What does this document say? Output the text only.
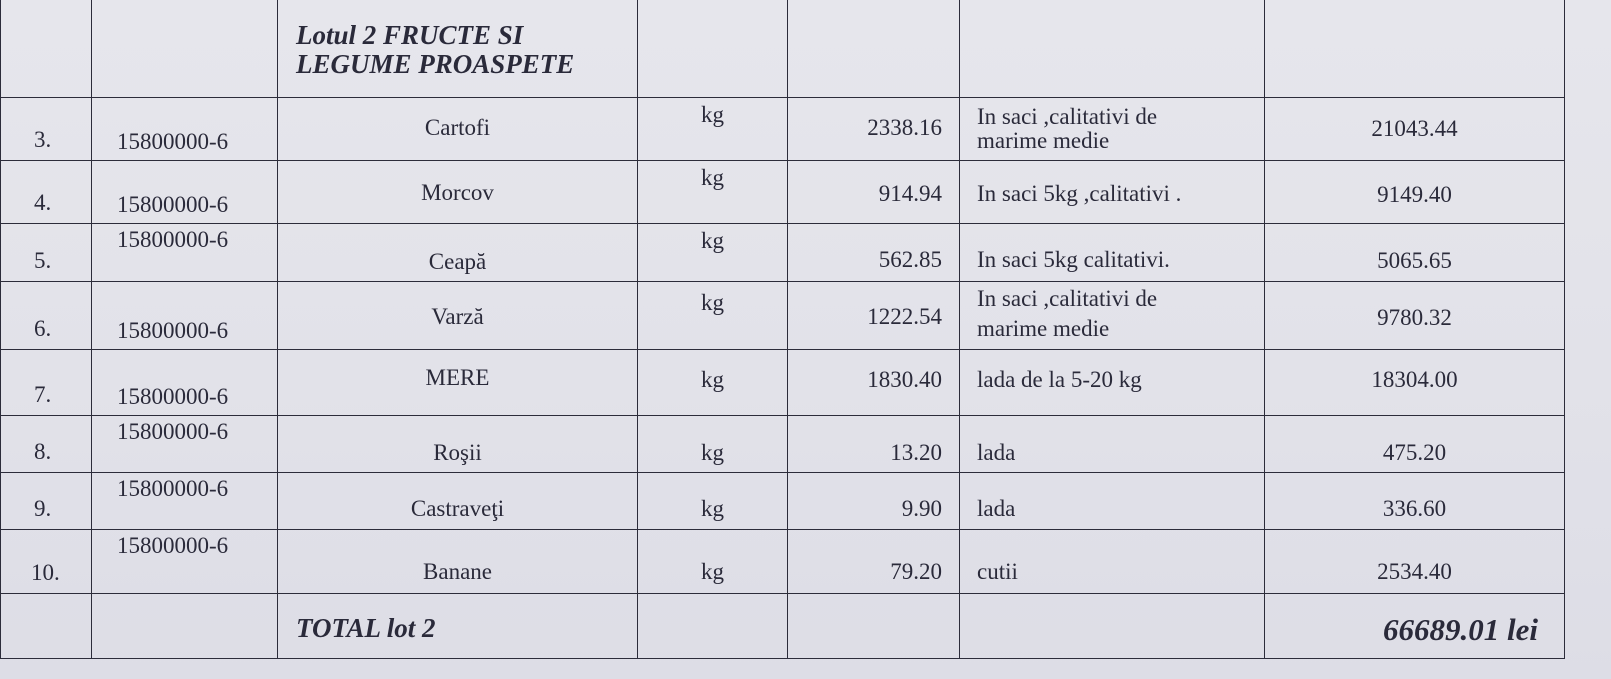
		Lotul 2 FRUCTE SI
LEGUME PROASPETE				

3.	15800000-6	Cartofi	kg	2338.16	In saci ,calitativi de
marime medie	21043.44

4.	15800000-6	Morcov	kg	914.94	In saci 5kg ,calitativi .	9149.40

5.	15800000-6	Ceapă	kg	562.85	In saci 5kg calitativi.	5065.65

6.	15800000-6	Varză	kg	1222.54	In saci ,calitativi de
marime medie	9780.32

7.	15800000-6	MERE	kg	1830.40	lada de la 5-20 kg	18304.00

8.	15800000-6	Roşii	kg	13.20	lada	475.20

9.	15800000-6	Castraveţi	kg	9.90	lada	336.60

10.	15800000-6	Banane	kg	79.20	cutii	2534.40

		TOTAL lot 2				66689.01 lei
